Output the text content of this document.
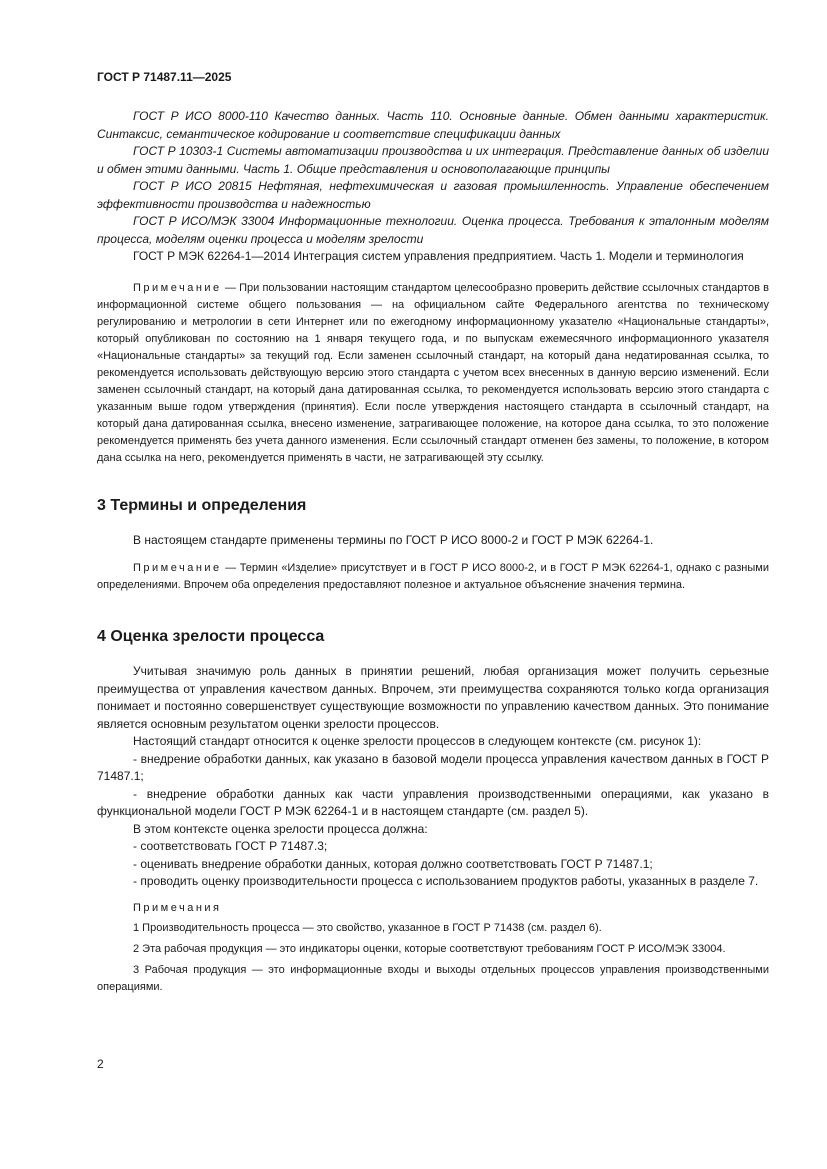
ГОСТ Р 71487.11—2025

ГОСТ Р ИСО 8000-110 Качество данных. Часть 110. Основные данные. Обмен данными характеристик. Синтаксис, семантическое кодирование и соответствие спецификации данных

ГОСТ Р 10303-1 Системы автоматизации производства и их интеграция. Представление данных об изделии и обмен этими данными. Часть 1. Общие представления и основополагающие принципы

ГОСТ Р ИСО 20815 Нефтяная, нефтехимическая и газовая промышленность. Управление обеспечением эффективности производства и надежностью

ГОСТ Р ИСО/МЭК 33004 Информационные технологии. Оценка процесса. Требования к эталонным моделям процесса, моделям оценки процесса и моделям зрелости

ГОСТ Р МЭК 62264-1—2014 Интеграция систем управления предприятием. Часть 1. Модели и терминология

Примечание — При пользовании настоящим стандартом целесообразно проверить действие ссылочных стандартов в информационной системе общего пользования — на официальном сайте Федерального агентства по техническому регулированию и метрологии в сети Интернет или по ежегодному информационному указателю «Национальные стандарты», который опубликован по состоянию на 1 января текущего года, и по выпускам ежемесячного информационного указателя «Национальные стандарты» за текущий год. Если заменен ссылочный стандарт, на который дана недатированная ссылка, то рекомендуется использовать действующую версию этого стандарта с учетом всех внесенных в данную версию изменений. Если заменен ссылочный стандарт, на который дана датированная ссылка, то рекомендуется использовать версию этого стандарта с указанным выше годом утверждения (принятия). Если после утверждения настоящего стандарта в ссылочный стандарт, на который дана датированная ссылка, внесено изменение, затрагивающее положение, на которое дана ссылка, то это положение рекомендуется применять без учета данного изменения. Если ссылочный стандарт отменен без замены, то положение, в котором дана ссылка на него, рекомендуется применять в части, не затрагивающей эту ссылку.

3 Термины и определения

В настоящем стандарте применены термины по ГОСТ Р ИСО 8000-2 и ГОСТ Р МЭК 62264-1.

Примечание — Термин «Изделие» присутствует и в ГОСТ Р ИСО 8000-2, и в ГОСТ Р МЭК 62264-1, однако с разными определениями. Впрочем оба определения предоставляют полезное и актуальное объяснение значения термина.

4 Оценка зрелости процесса

Учитывая значимую роль данных в принятии решений, любая организация может получить серьезные преимущества от управления качеством данных. Впрочем, эти преимущества сохраняются только когда организация понимает и постоянно совершенствует существующие возможности по управлению качеством данных. Это понимание является основным результатом оценки зрелости процессов.

Настоящий стандарт относится к оценке зрелости процессов в следующем контексте (см. рисунок 1):

- внедрение обработки данных, как указано в базовой модели процесса управления качеством данных в ГОСТ Р 71487.1;

- внедрение обработки данных как части управления производственными операциями, как указано в функциональной модели ГОСТ Р МЭК 62264-1 и в настоящем стандарте (см. раздел 5).

В этом контексте оценка зрелости процесса должна:

- соответствовать ГОСТ Р 71487.3;

- оценивать внедрение обработки данных, которая должно соответствовать ГОСТ Р 71487.1;

- проводить оценку производительности процесса с использованием продуктов работы, указанных в разделе 7.

Примечания

1 Производительность процесса — это свойство, указанное в ГОСТ Р 71438 (см. раздел 6).

2 Эта рабочая продукция — это индикаторы оценки, которые соответствуют требованиям ГОСТ Р ИСО/МЭК 33004.

3 Рабочая продукция — это информационные входы и выходы отдельных процессов управления производственными операциями.

2
